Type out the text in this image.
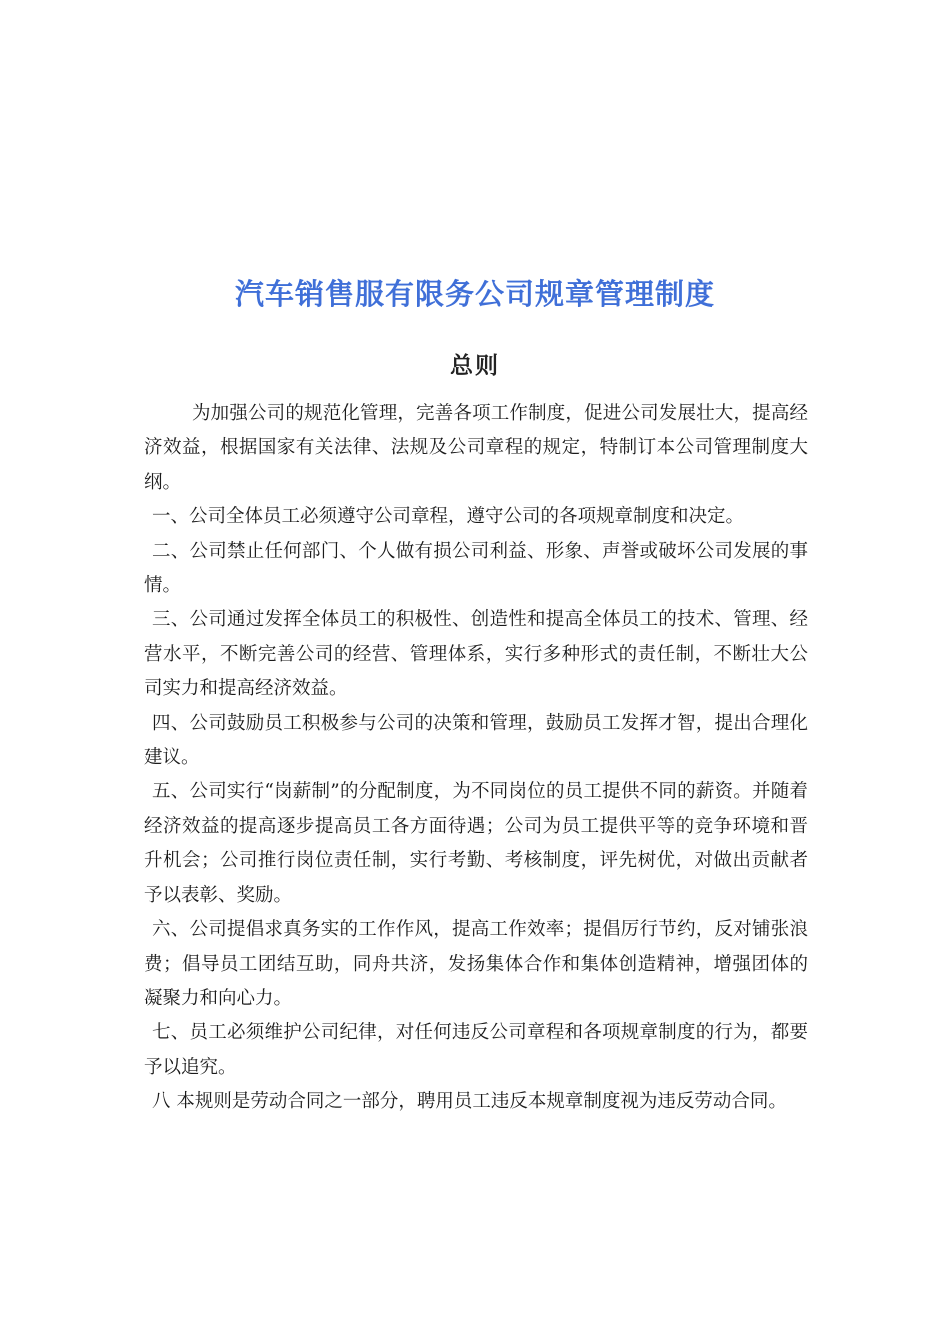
汽车销售服有限务公司规章管理制度
总则

为加强公司的规范化管理，完善各项工作制度，促进公司发展壮大，提高经济效益，根据国家有关法律、法规及公司章程的规定，特制订本公司管理制度大纲。

一、公司全体员工必须遵守公司章程，遵守公司的各项规章制度和决定。

二、公司禁止任何部门、个人做有损公司利益、形象、声誉或破坏公司发展的事情。

三、公司通过发挥全体员工的积极性、创造性和提高全体员工的技术、管理、经营水平，不断完善公司的经营、管理体系，实行多种形式的责任制，不断壮大公司实力和提高经济效益。

四、公司鼓励员工积极参与公司的决策和管理，鼓励员工发挥才智，提出合理化建议。

五、公司实行“岗薪制”的分配制度，为不同岗位的员工提供不同的薪资。并随着经济效益的提高逐步提高员工各方面待遇；公司为员工提供平等的竞争环境和晋升机会；公司推行岗位责任制，实行考勤、考核制度，评先树优，对做出贡献者予以表彰、奖励。

六、公司提倡求真务实的工作作风，提高工作效率；提倡厉行节约，反对铺张浪费；倡导员工团结互助，同舟共济，发扬集体合作和集体创造精神，增强团体的凝聚力和向心力。

七、员工必须维护公司纪律，对任何违反公司章程和各项规章制度的行为，都要予以追究。

八 本规则是劳动合同之一部分，聘用员工违反本规章制度视为违反劳动合同。
